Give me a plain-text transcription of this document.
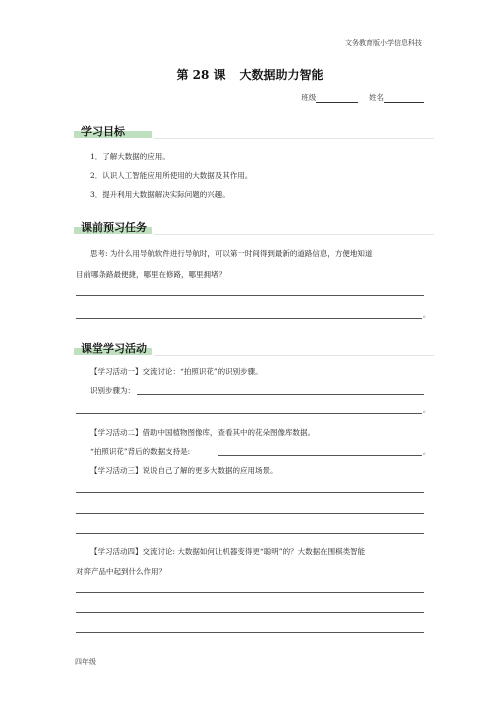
文务教育版小学信息科技
第 28 课 大数据助力智能
班级	姓名
学习目标
1．了解大数据的应用。
2．认识人工智能应用所使用的大数据及其作用。
3．提升利用大数据解决实际问题的兴趣。
课前预习任务
思考: 为什么用导航软件进行导航时，可以第一时间得到最新的道路信息，方便地知道
目前哪条路最便捷，哪里在修路，哪里拥堵？
。
课堂学习活动
【学习活动一】交流讨论：“拍照识花”的识别步骤。
识别步骤为：
。
【学习活动二】借助中国植物图像库，查看其中的花朵图像库数据。
“拍照识花”背后的数据支持是:	。
【学习活动三】说说自己了解的更多大数据的应用场景。
【学习活动四】交流讨论: 大数据如何让机器变得更“聪明”的？大数据在围棋类智能
对弈产品中起到什么作用？
四年级
